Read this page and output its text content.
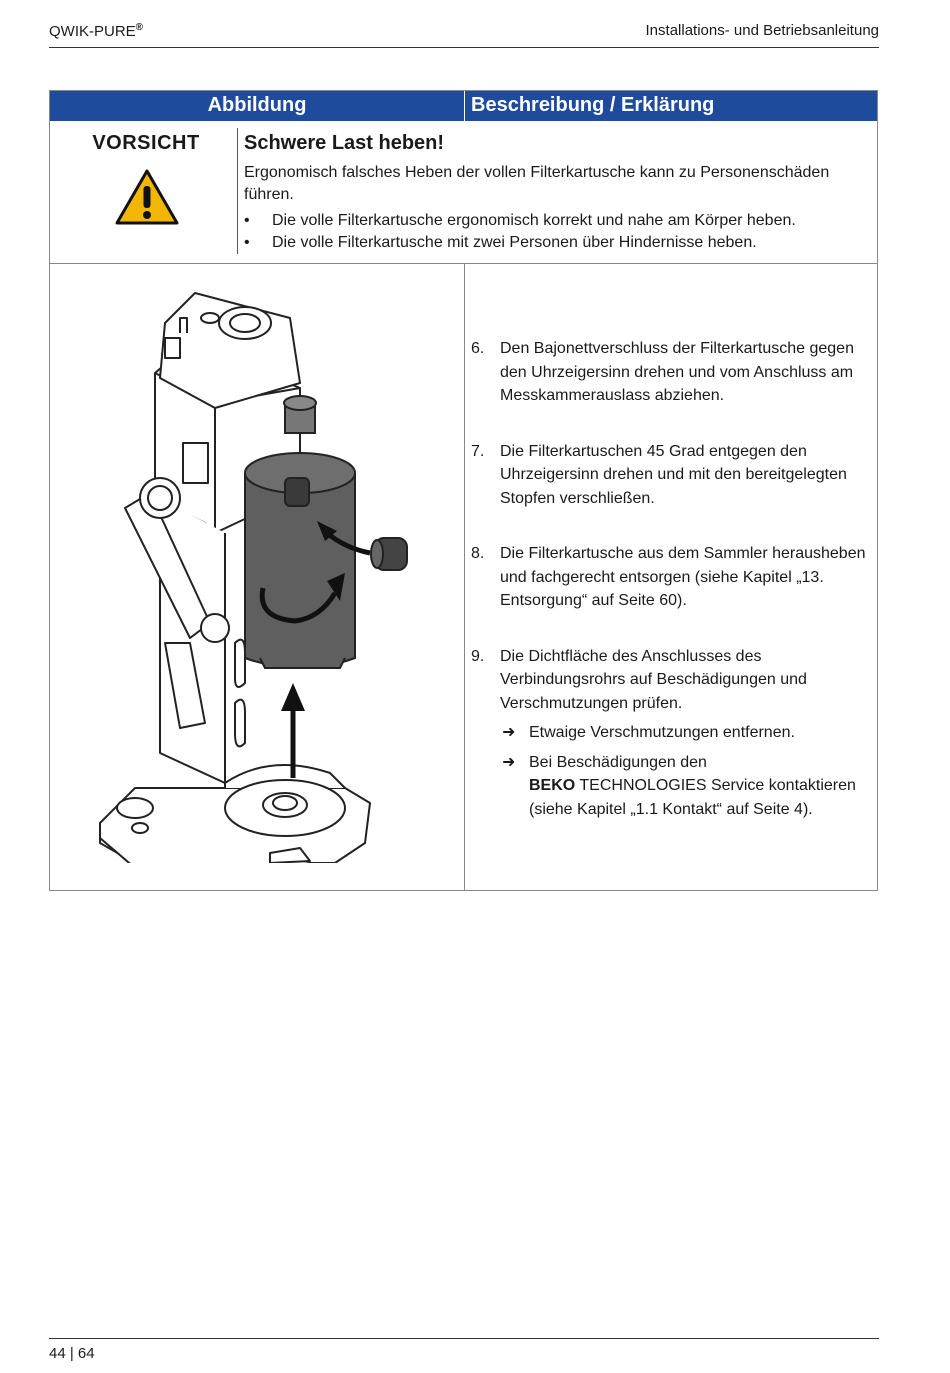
QWIK-PURE®	Installations- und Betriebsanleitung
Abbildung	Beschreibung / Erklärung
VORSICHT	Schwere Last heben!
Ergonomisch falsches Heben der vollen Filterkartusche kann zu Personenschäden führen.
• Die volle Filterkartusche ergonomisch korrekt und nahe am Körper heben.
• Die volle Filterkartusche mit zwei Personen über Hindernisse heben.
6. Den Bajonettverschluss der Filterkartusche gegen den Uhrzeigersinn drehen und vom Anschluss am Messkammerauslass abziehen.
7. Die Filterkartuschen 45 Grad entgegen den Uhrzeigersinn drehen und mit den bereitgelegten Stopfen verschließen.
8. Die Filterkartusche aus dem Sammler herausheben und fachgerecht entsorgen (siehe Kapitel „13. Entsorgung“ auf Seite 60).
9. Die Dichtfläche des Anschlusses des Verbindungsrohrs auf Beschädigungen und Verschmutzungen prüfen.
➜ Etwaige Verschmutzungen entfernen.
➜ Bei Beschädigungen den
BEKO TECHNOLOGIES Service kontaktieren (siehe Kapitel „1.1 Kontakt“ auf Seite 4).
44 | 64
